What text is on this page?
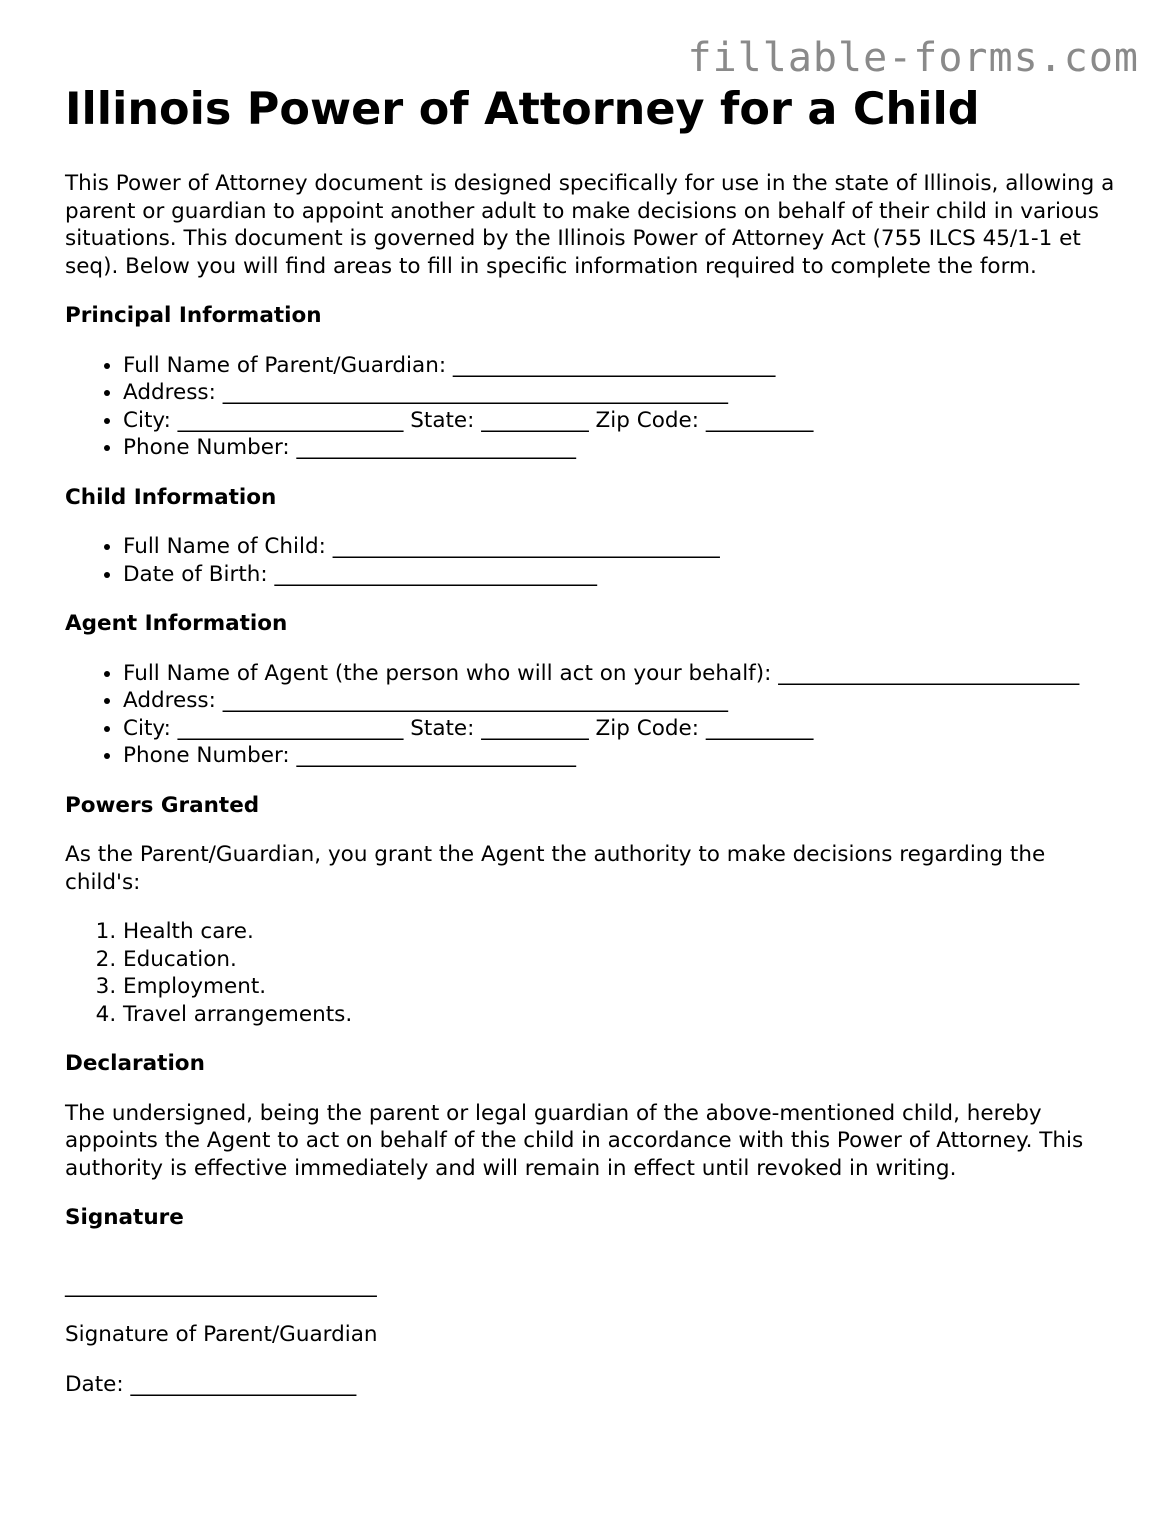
fillable-forms.com
Illinois Power of Attorney for a Child

This Power of Attorney document is designed specifically for use in the state of Illinois, allowing a parent or guardian to appoint another adult to make decisions on behalf of their child in various situations. This document is governed by the Illinois Power of Attorney Act (755 ILCS 45/1-1 et seq). Below you will find areas to fill in specific information required to complete the form.

Principal Information
• Full Name of Parent/Guardian: ______________________________
• Address: _______________________________________________
• City: _____________________ State: __________ Zip Code: __________
• Phone Number: __________________________
Child Information
• Full Name of Child: ____________________________________
• Date of Birth: ______________________________
Agent Information
• Full Name of Agent (the person who will act on your behalf): ____________________________
• Address: _______________________________________________
• City: _____________________ State: __________ Zip Code: __________
• Phone Number: __________________________
Powers Granted

As the Parent/Guardian, you grant the Agent the authority to make decisions regarding the child's:

1. Health care.
2. Education.
3. Employment.
4. Travel arrangements.
Declaration

The undersigned, being the parent or legal guardian of the above-mentioned child, hereby appoints the Agent to act on behalf of the child in accordance with this Power of Attorney. This authority is effective immediately and will remain in effect until revoked in writing.

Signature

_____________________________

Signature of Parent/Guardian

Date: _____________________
